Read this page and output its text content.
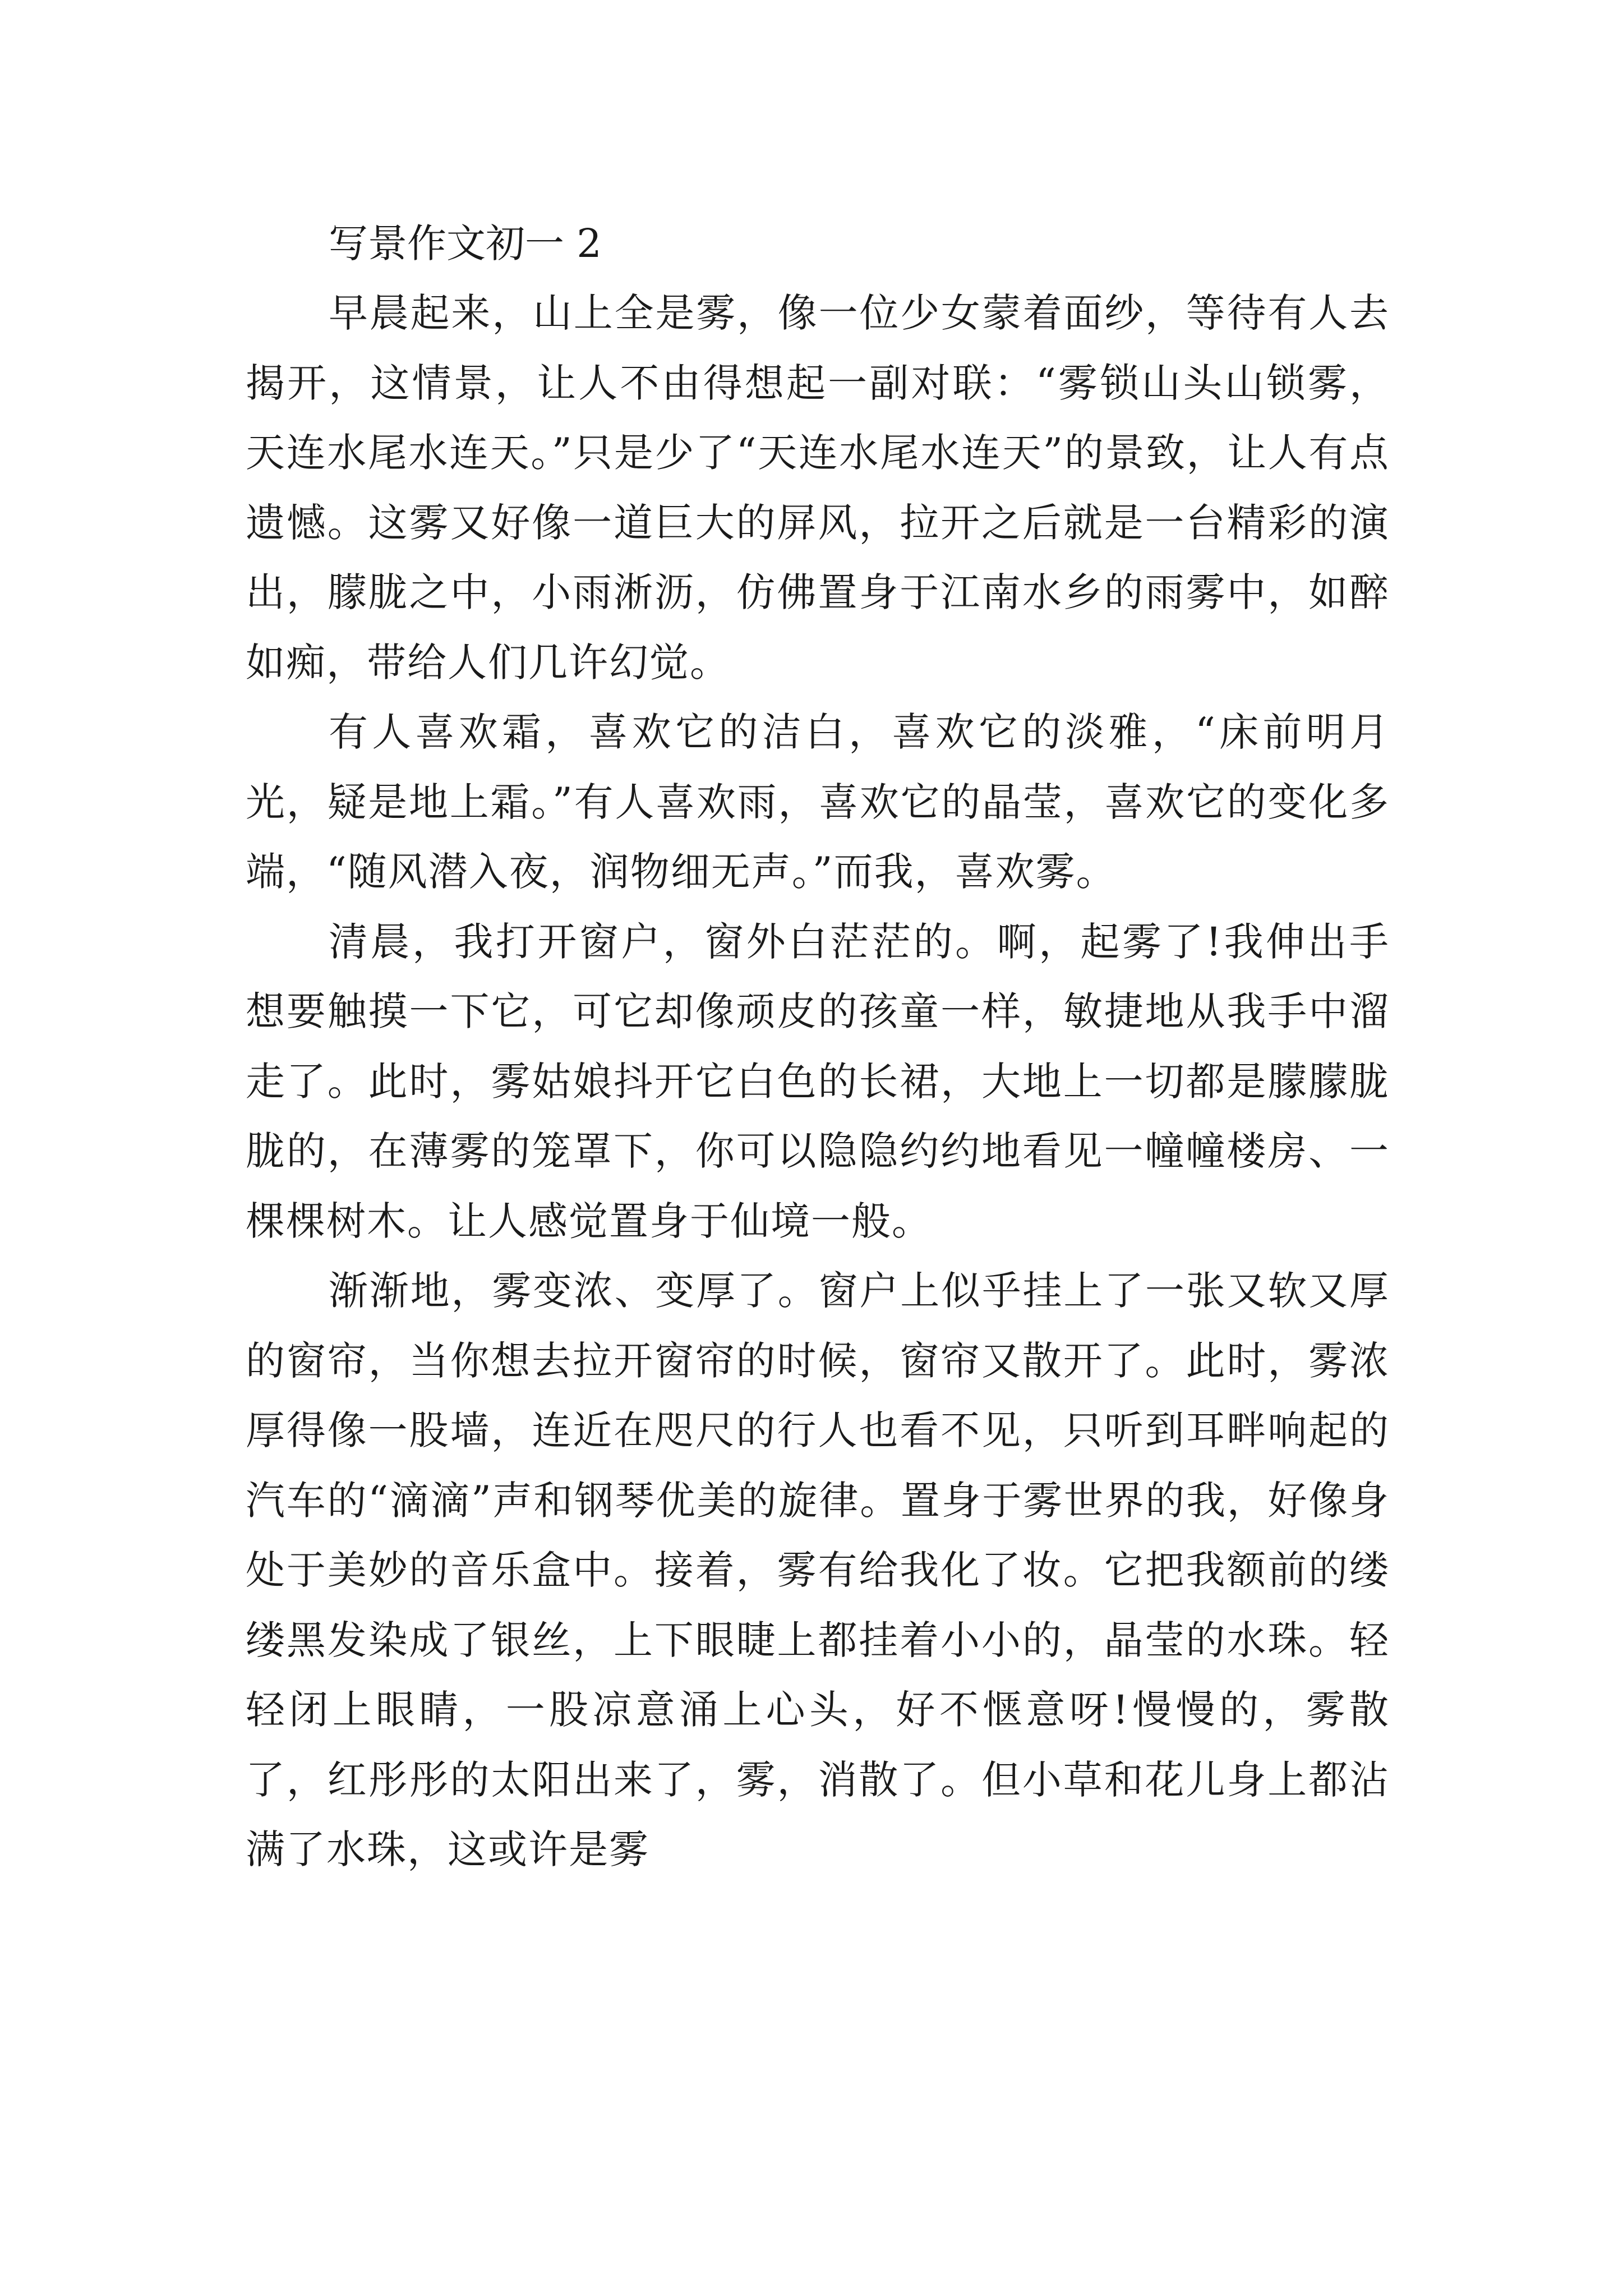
写景作文初一 2

早晨起来，山上全是雾，像一位少女蒙着面纱，等待有人去揭开，这情景，让人不由得想起一副对联：“雾锁山头山锁雾，天连水尾水连天。”只是少了“天连水尾水连天”的景致，让人有点遗憾。这雾又好像一道巨大的屏风，拉开之后就是一台精彩的演出，朦胧之中，小雨淅沥，仿佛置身于江南水乡的雨雾中，如醉如痴，带给人们几许幻觉。

有人喜欢霜，喜欢它的洁白，喜欢它的淡雅，“床前明月光，疑是地上霜。”有人喜欢雨，喜欢它的晶莹，喜欢它的变化多端，“随风潜入夜，润物细无声。”而我，喜欢雾。

清晨，我打开窗户，窗外白茫茫的。啊，起雾了!我伸出手想要触摸一下它，可它却像顽皮的孩童一样，敏捷地从我手中溜走了。此时，雾姑娘抖开它白色的长裙，大地上一切都是朦朦胧胧的，在薄雾的笼罩下，你可以隐隐约约地看见一幢幢楼房、一棵棵树木。让人感觉置身于仙境一般。

渐渐地，雾变浓、变厚了。窗户上似乎挂上了一张又软又厚的窗帘，当你想去拉开窗帘的时候，窗帘又散开了。此时，雾浓厚得像一股墙，连近在咫尺的行人也看不见，只听到耳畔响起的汽车的“滴滴”声和钢琴优美的旋律。置身于雾世界的我，好像身处于美妙的音乐盒中。接着，雾有给我化了妆。它把我额前的缕缕黑发染成了银丝，上下眼睫上都挂着小小的，晶莹的水珠。轻轻闭上眼睛，一股凉意涌上心头，好不惬意呀!慢慢的，雾散了，红彤彤的太阳出来了，雾，消散了。但小草和花儿身上都沾满了水珠，这或许是雾
